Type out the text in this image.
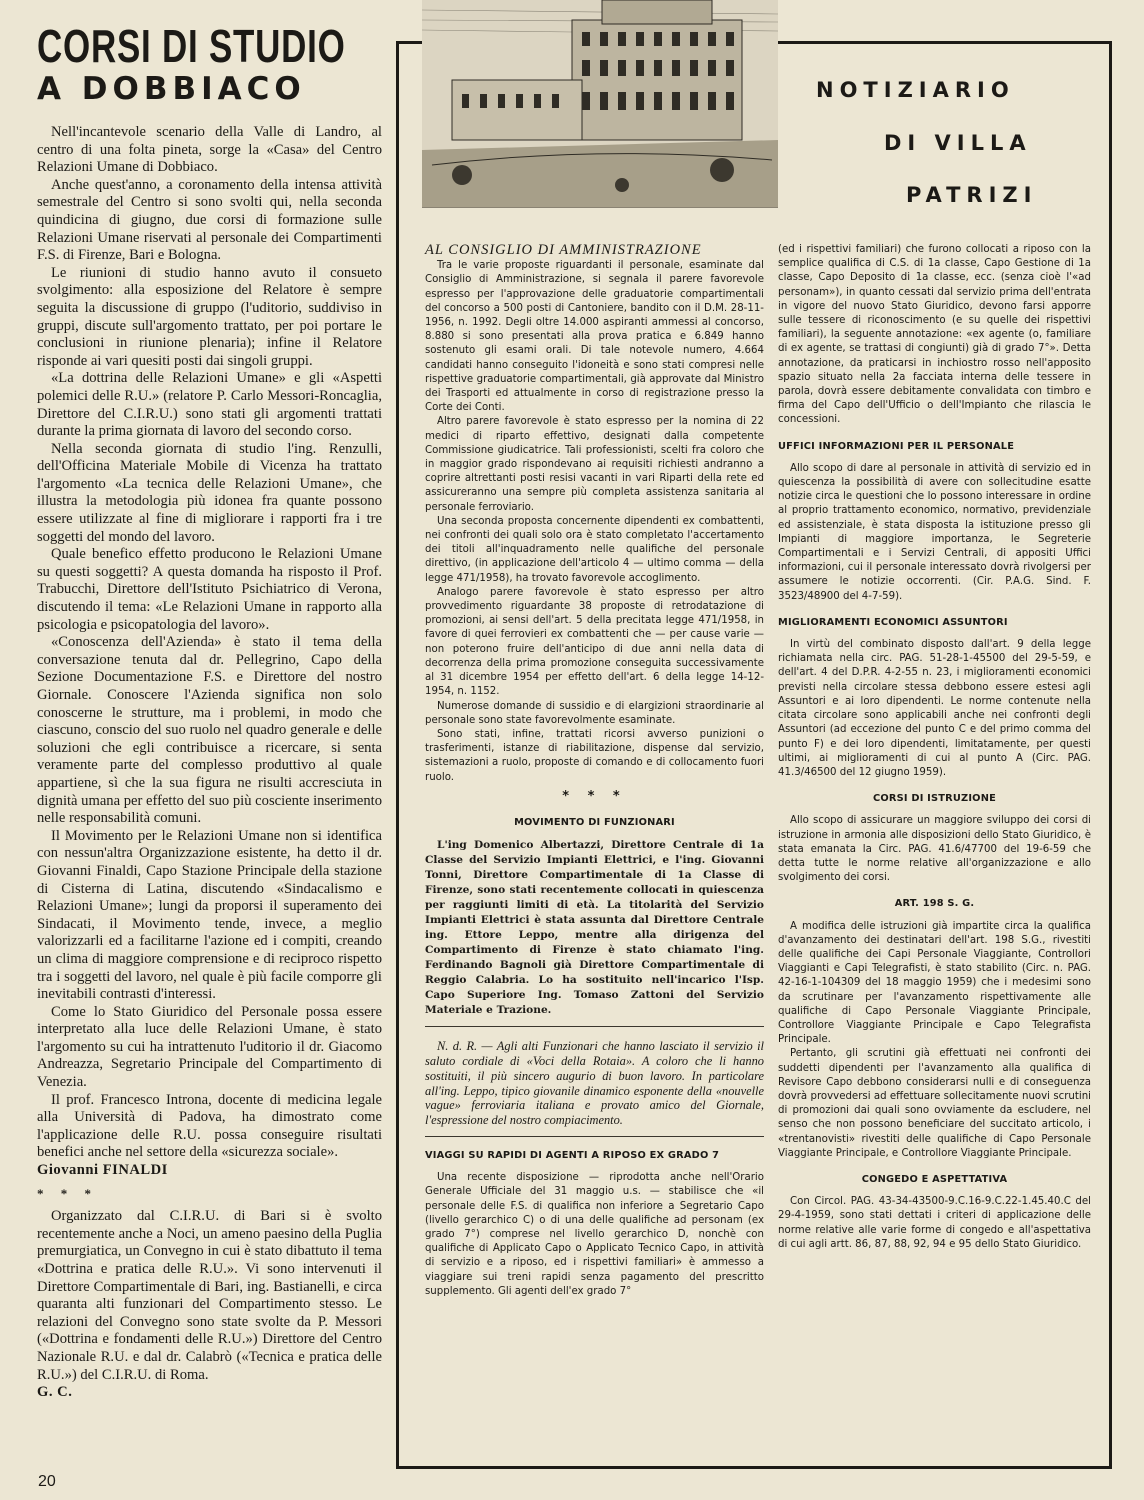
NOTIZIARIO
DI VILLA
PATRIZI
CORSI DI STUDIO
A DOBBIACO

Nell'incantevole scenario della Valle di Landro, al centro di una folta pineta, sorge la «Casa» del Centro Relazioni Umane di Dobbiaco.

Anche quest'anno, a coronamento della intensa attività semestrale del Centro si sono svolti qui, nella seconda quindicina di giugno, due corsi di formazione sulle Relazioni Umane riservati al personale dei Compartimenti F.S. di Firenze, Bari e Bologna.

Le riunioni di studio hanno avuto il consueto svolgimento: alla esposizione del Relatore è sempre seguita la discussione di gruppo (l'uditorio, suddiviso in gruppi, discute sull'argomento trattato, per poi portare le conclusioni in riunione plenaria); infine il Relatore risponde ai vari quesiti posti dai singoli gruppi.

«La dottrina delle Relazioni Umane» e gli «Aspetti polemici delle R.U.» (relatore P. Carlo Messori-Roncaglia, Direttore del C.I.R.U.) sono stati gli argomenti trattati durante la prima giornata di lavoro del secondo corso.

Nella seconda giornata di studio l'ing. Renzulli, dell'Officina Materiale Mobile di Vicenza ha trattato l'argomento «La tecnica delle Relazioni Umane», che illustra la metodologia più idonea fra quante possono essere utilizzate al fine di migliorare i rapporti fra i tre soggetti del mondo del lavoro.

Quale benefico effetto producono le Relazioni Umane su questi soggetti? A questa domanda ha risposto il Prof. Trabucchi, Direttore dell'Istituto Psichiatrico di Verona, discutendo il tema: «Le Relazioni Umane in rapporto alla psicologia e psicopatologia del lavoro».

«Conoscenza dell'Azienda» è stato il tema della conversazione tenuta dal dr. Pellegrino, Capo della Sezione Documentazione F.S. e Direttore del nostro Giornale. Conoscere l'Azienda significa non solo conoscerne le strutture, ma i problemi, in modo che ciascuno, conscio del suo ruolo nel quadro generale e delle soluzioni che egli contribuisce a ricercare, si senta veramente parte del complesso produttivo al quale appartiene, sì che la sua figura ne risulti accresciuta in dignità umana per effetto del suo più cosciente inserimento nelle responsabilità comuni.

Il Movimento per le Relazioni Umane non si identifica con nessun'altra Organizzazione esistente, ha detto il dr. Giovanni Finaldi, Capo Stazione Principale della stazione di Cisterna di Latina, discutendo «Sindacalismo e Relazioni Umane»; lungi da proporsi il superamento dei Sindacati, il Movimento tende, invece, a meglio valorizzarli ed a facilitarne l'azione ed i compiti, creando un clima di maggiore comprensione e di reciproco rispetto tra i soggetti del lavoro, nel quale è più facile comporre gli inevitabili contrasti d'interessi.

Come lo Stato Giuridico del Personale possa essere interpretato alla luce delle Relazioni Umane, è stato l'argomento su cui ha intrattenuto l'uditorio il dr. Giacomo Andreazza, Segretario Principale del Compartimento di Venezia.

Il prof. Francesco Introna, docente di medicina legale alla Università di Padova, ha dimostrato come l'applicazione delle R.U. possa conseguire risultati benefici anche nel settore della «sicurezza sociale».

Giovanni FINALDI
* * *

Organizzato dal C.I.R.U. di Bari si è svolto recentemente anche a Noci, un ameno paesino della Puglia premurgiatica, un Convegno in cui è stato dibattuto il tema «Dottrina e pratica delle R.U.». Vi sono intervenuti il Direttore Compartimentale di Bari, ing. Bastianelli, e circa quaranta alti funzionari del Compartimento stesso. Le relazioni del Convegno sono state svolte da P. Messori («Dottrina e fondamenti delle R.U.») Direttore del Centro Nazionale R.U. e dal dr. Calabrò («Tecnica e pratica delle R.U.») del C.I.R.U. di Roma.

G. C.
AL CONSIGLIO DI AMMINISTRAZIONE

Tra le varie proposte riguardanti il personale, esaminate dal Consiglio di Amministrazione, si segnala il parere favorevole espresso per l'approvazione delle graduatorie compartimentali del concorso a 500 posti di Cantoniere, bandito con il D.M. 28-11-1956, n. 1992. Degli oltre 14.000 aspiranti ammessi al concorso, 8.880 si sono presentati alla prova pratica e 6.849 hanno sostenuto gli esami orali. Di tale notevole numero, 4.664 candidati hanno conseguito l'idoneità e sono stati compresi nelle rispettive graduatorie compartimentali, già approvate dal Ministro dei Trasporti ed attualmente in corso di registrazione presso la Corte dei Conti.

Altro parere favorevole è stato espresso per la nomina di 22 medici di riparto effettivo, designati dalla competente Commissione giudicatrice. Tali professionisti, scelti fra coloro che in maggior grado rispondevano ai requisiti richiesti andranno a coprire altrettanti posti resisi vacanti in vari Riparti della rete ed assicureranno una sempre più completa assistenza sanitaria al personale ferroviario.

Una seconda proposta concernente dipendenti ex combattenti, nei confronti dei quali solo ora è stato completato l'accertamento dei titoli all'inquadramento nelle qualifiche del personale direttivo, (in applicazione dell'articolo 4 — ultimo comma — della legge 471/1958), ha trovato favorevole accoglimento.

Analogo parere favorevole è stato espresso per altro provvedimento riguardante 38 proposte di retrodatazione di promozioni, ai sensi dell'art. 5 della precitata legge 471/1958, in favore di quei ferrovieri ex combattenti che — per cause varie — non poterono fruire dell'anticipo di due anni nella data di decorrenza della prima promozione conseguita successivamente al 31 dicembre 1954 per effetto dell'art. 6 della legge 14-12-1954, n. 1152.

Numerose domande di sussidio e di elargizioni straordinarie al personale sono state favorevolmente esaminate.

Sono stati, infine, trattati ricorsi avverso punizioni o trasferimenti, istanze di riabilitazione, dispense dal servizio, sistemazioni a ruolo, proposte di comando e di collocamento fuori ruolo.

* * *
MOVIMENTO DI FUNZIONARI

L'ing Domenico Albertazzi, Direttore Centrale di 1a Classe del Servizio Impianti Elettrici, e l'ing. Giovanni Tonni, Direttore Compartimentale di 1a Classe di Firenze, sono stati recentemente collocati in quiescenza per raggiunti limiti di età. La titolarità del Servizio Impianti Elettrici è stata assunta dal Direttore Centrale ing. Ettore Leppo, mentre alla dirigenza del Compartimento di Firenze è stato chiamato l'ing. Ferdinando Bagnoli già Direttore Compartimentale di Reggio Calabria. Lo ha sostituito nell'incarico l'Isp. Capo Superiore Ing. Tomaso Zattoni del Servizio Materiale e Trazione.

N. d. R. — Agli alti Funzionari che hanno lasciato il servizio il saluto cordiale di «Voci della Rotaia». A coloro che li hanno sostituiti, il più sincero augurio di buon lavoro. In particolare all'ing. Leppo, tipico giovanile dinamico esponente della «nouvelle vague» ferroviaria italiana e provato amico del Giornale, l'espressione del nostro compiacimento.

VIAGGI SU RAPIDI DI AGENTI A RIPOSO EX GRADO 7

Una recente disposizione — riprodotta anche nell'Orario Generale Ufficiale del 31 maggio u.s. — stabilisce che «il personale delle F.S. di qualifica non inferiore a Segretario Capo (livello gerarchico C) o di una delle qualifiche ad personam (ex grado 7°) comprese nel livello gerarchico D, nonchè con qualifiche di Applicato Capo o Applicato Tecnico Capo, in attività di servizio e a riposo, ed i rispettivi familiari» è ammesso a viaggiare sui treni rapidi senza pagamento del prescritto supplemento. Gli agenti dell'ex grado 7°

(ed i rispettivi familiari) che furono collocati a riposo con la semplice qualifica di C.S. di 1a classe, Capo Gestione di 1a classe, Capo Deposito di 1a classe, ecc. (senza cioè l'«ad personam»), in quanto cessati dal servizio prima dell'entrata in vigore del nuovo Stato Giuridico, devono farsi apporre sulle tessere di riconoscimento (e su quelle dei rispettivi familiari), la seguente annotazione: «ex agente (o, familiare di ex agente, se trattasi di congiunti) già di grado 7°». Detta annotazione, da praticarsi in inchiostro rosso nell'apposito spazio situato nella 2a facciata interna delle tessere in parola, dovrà essere debitamente convalidata con timbro e firma del Capo dell'Ufficio o dell'Impianto che rilascia le concessioni.

UFFICI INFORMAZIONI PER IL PERSONALE

Allo scopo di dare al personale in attività di servizio ed in quiescenza la possibilità di avere con sollecitudine esatte notizie circa le questioni che lo possono interessare in ordine al proprio trattamento economico, normativo, previdenziale ed assistenziale, è stata disposta la istituzione presso gli Impianti di maggiore importanza, le Segreterie Compartimentali e i Servizi Centrali, di appositi Uffici informazioni, cui il personale interessato dovrà rivolgersi per assumere le notizie occorrenti. (Cir. P.A.G. Sind. F. 3523/48900 del 4-7-59).

MIGLIORAMENTI ECONOMICI ASSUNTORI

In virtù del combinato disposto dall'art. 9 della legge richiamata nella circ. PAG. 51-28-1-45500 del 29-5-59, e dell'art. 4 del D.P.R. 4-2-55 n. 23, i miglioramenti economici previsti nella circolare stessa debbono essere estesi agli Assuntori e ai loro dipendenti. Le norme contenute nella citata circolare sono applicabili anche nei confronti degli Assuntori (ad eccezione del punto C e del primo comma del punto F) e dei loro dipendenti, limitatamente, per questi ultimi, ai miglioramenti di cui al punto A (Circ. PAG. 41.3/46500 del 12 giugno 1959).

CORSI DI ISTRUZIONE

Allo scopo di assicurare un maggiore sviluppo dei corsi di istruzione in armonia alle disposizioni dello Stato Giuridico, è stata emanata la Circ. PAG. 41.6/47700 del 19-6-59 che detta tutte le norme relative all'organizzazione e allo svolgimento dei corsi.

ART. 198 S. G.

A modifica delle istruzioni già impartite circa la qualifica d'avanzamento dei destinatari dell'art. 198 S.G., rivestiti delle qualifiche dei Capi Personale Viaggiante, Controllori Viaggianti e Capi Telegrafisti, è stato stabilito (Circ. n. PAG. 42-16-1-104309 del 18 maggio 1959) che i medesimi sono da scrutinare per l'avanzamento rispettivamente alle qualifiche di Capo Personale Viaggiante Principale, Controllore Viaggiante Principale e Capo Telegrafista Principale.

Pertanto, gli scrutini già effettuati nei confronti dei suddetti dipendenti per l'avanzamento alla qualifica di Revisore Capo debbono considerarsi nulli e di conseguenza dovrà provvedersi ad effettuare sollecitamente nuovi scrutini di promozioni dai quali sono ovviamente da escludere, nel senso che non possono beneficiare del succitato articolo, i «trentanovisti» rivestiti delle qualifiche di Capo Personale Viaggiante Principale, e Controllore Viaggiante Principale.

CONGEDO E ASPETTATIVA

Con Circol. PAG. 43-34-43500-9.C.16-9.C.22-1.45.40.C del 29-4-1959, sono stati dettati i criteri di applicazione delle norme relative alle varie forme di congedo e all'aspettativa di cui agli artt. 86, 87, 88, 92, 94 e 95 dello Stato Giuridico.

20
